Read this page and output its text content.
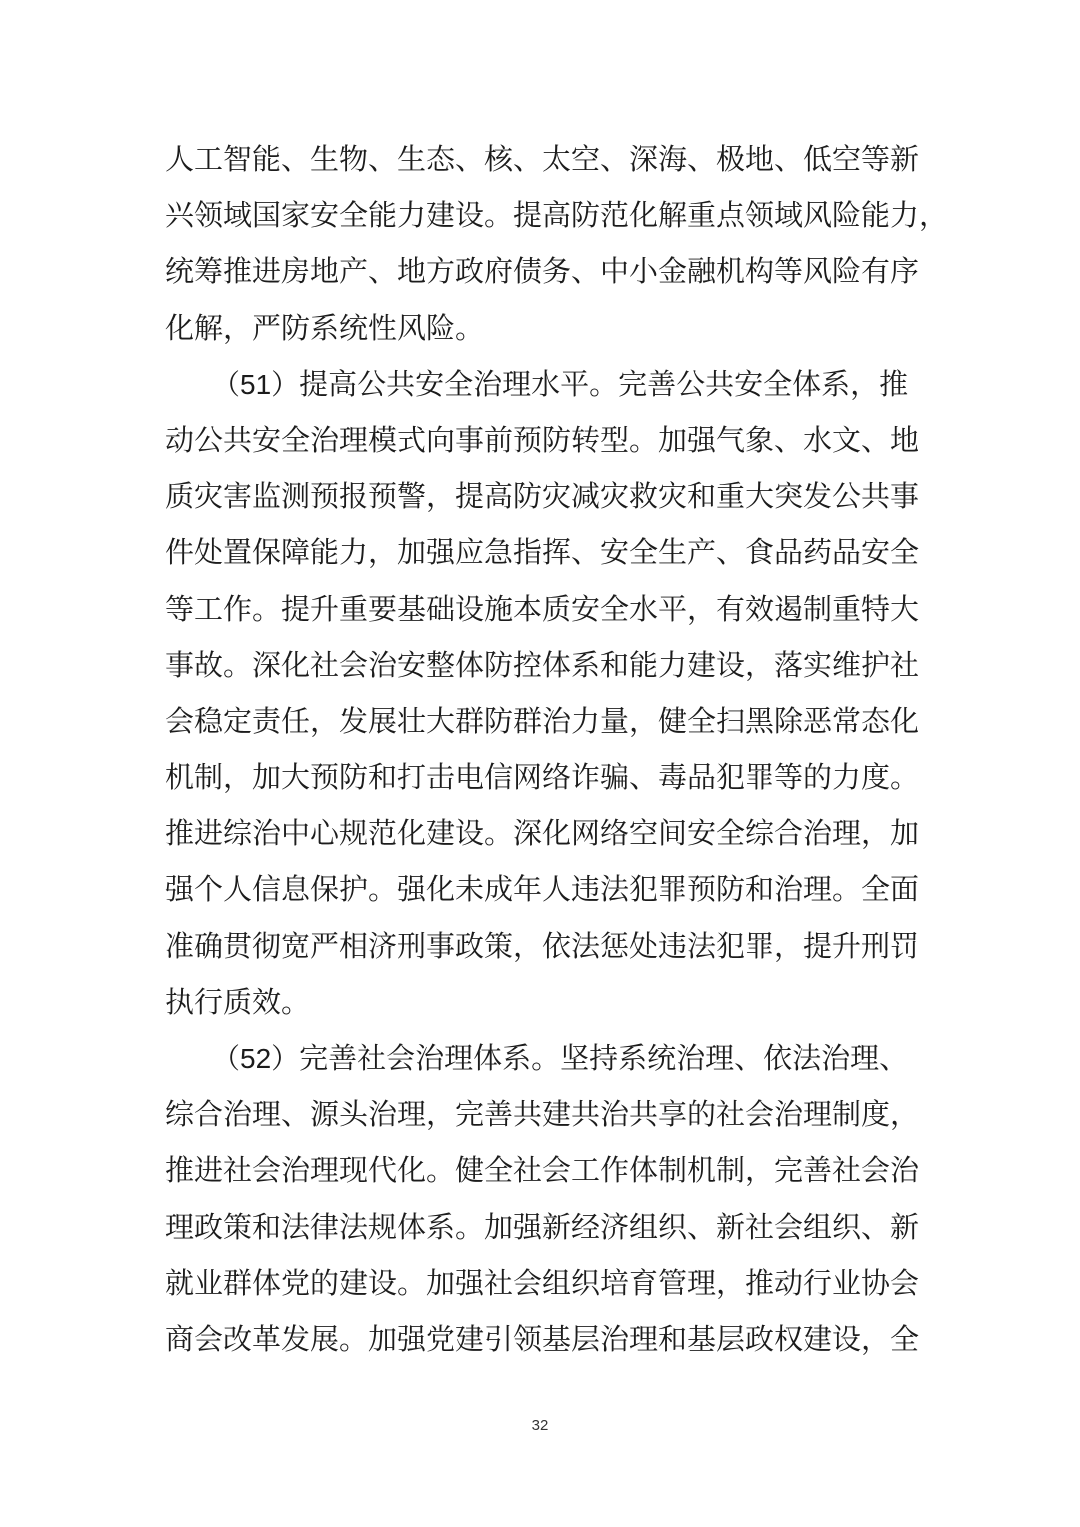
人工智能、生物、生态、核、太空、深海、极地、低空等新
兴领域国家安全能力建设。提高防范化解重点领域风险能力，
统筹推进房地产、地方政府债务、中小金融机构等风险有序
化解，严防系统性风险。
（51）提高公共安全治理水平。完善公共安全体系，推
动公共安全治理模式向事前预防转型。加强气象、水文、地
质灾害监测预报预警，提高防灾减灾救灾和重大突发公共事
件处置保障能力，加强应急指挥、安全生产、食品药品安全
等工作。提升重要基础设施本质安全水平，有效遏制重特大
事故。深化社会治安整体防控体系和能力建设，落实维护社
会稳定责任，发展壮大群防群治力量，健全扫黑除恶常态化
机制，加大预防和打击电信网络诈骗、毒品犯罪等的力度。
推进综治中心规范化建设。深化网络空间安全综合治理，加
强个人信息保护。强化未成年人违法犯罪预防和治理。全面
准确贯彻宽严相济刑事政策，依法惩处违法犯罪，提升刑罚
执行质效。
（52）完善社会治理体系。坚持系统治理、依法治理、
综合治理、源头治理，完善共建共治共享的社会治理制度，
推进社会治理现代化。健全社会工作体制机制，完善社会治
理政策和法律法规体系。加强新经济组织、新社会组织、新
就业群体党的建设。加强社会组织培育管理，推动行业协会
商会改革发展。加强党建引领基层治理和基层政权建设，全
32
